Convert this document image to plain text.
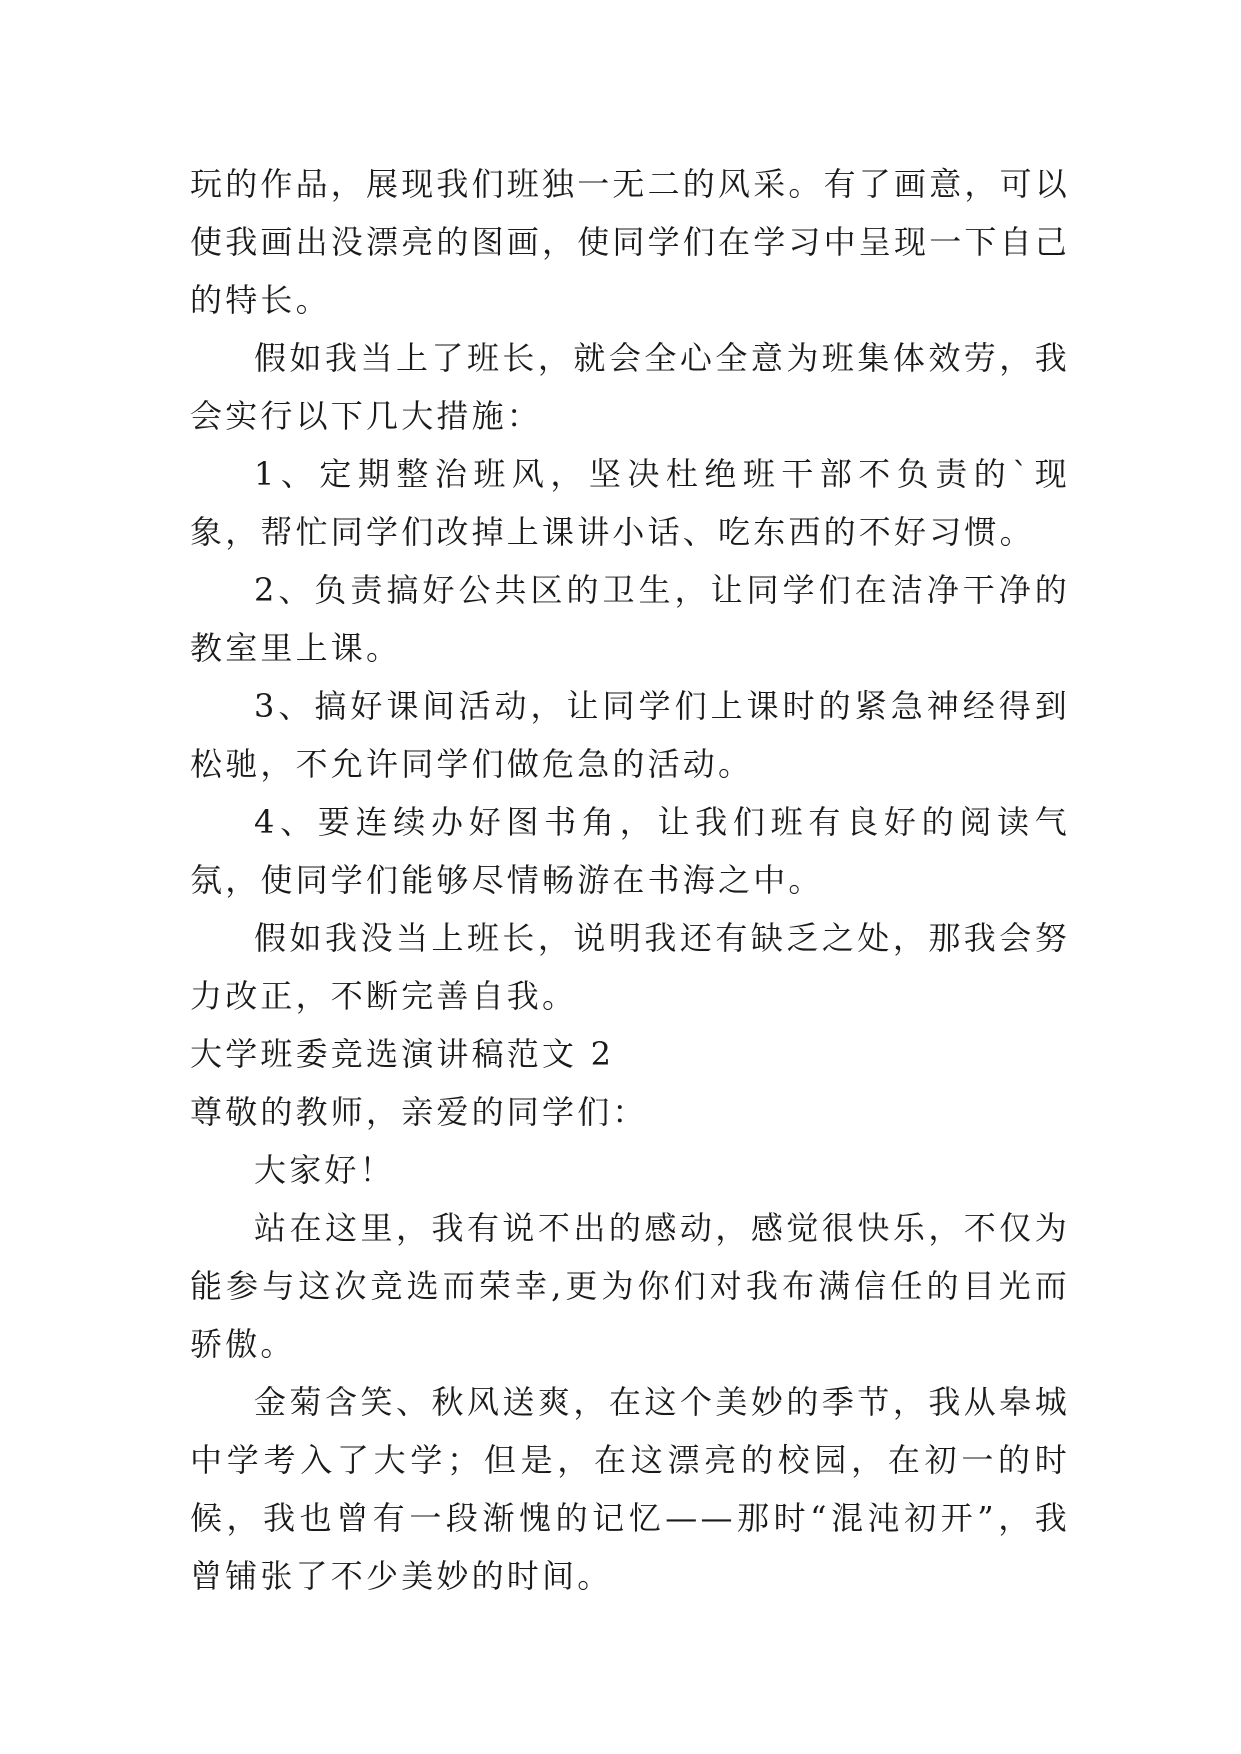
玩的作品，展现我们班独一无二的风采。有了画意，可以使我画出没漂亮的图画，使同学们在学习中呈现一下自己的特长。

假如我当上了班长，就会全心全意为班集体效劳，我会实行以下几大措施：

1、定期整治班风，坚决杜绝班干部不负责的`现象，帮忙同学们改掉上课讲小话、吃东西的不好习惯。

2、负责搞好公共区的卫生，让同学们在洁净干净的教室里上课。

3、搞好课间活动，让同学们上课时的紧急神经得到松驰，不允许同学们做危急的活动。

4、要连续办好图书角，让我们班有良好的阅读气氛，使同学们能够尽情畅游在书海之中。

假如我没当上班长，说明我还有缺乏之处，那我会努力改正，不断完善自我。

大学班委竞选演讲稿范文 2

尊敬的教师，亲爱的同学们：

大家好！

站在这里，我有说不出的感动，感觉很快乐，不仅为能参与这次竞选而荣幸,更为你们对我布满信任的目光而骄傲。

金菊含笑、秋风送爽，在这个美妙的季节，我从皋城中学考入了大学；但是，在这漂亮的校园，在初一的时候，我也曾有一段渐愧的记忆——那时“混沌初开”，我曾铺张了不少美妙的时间。
